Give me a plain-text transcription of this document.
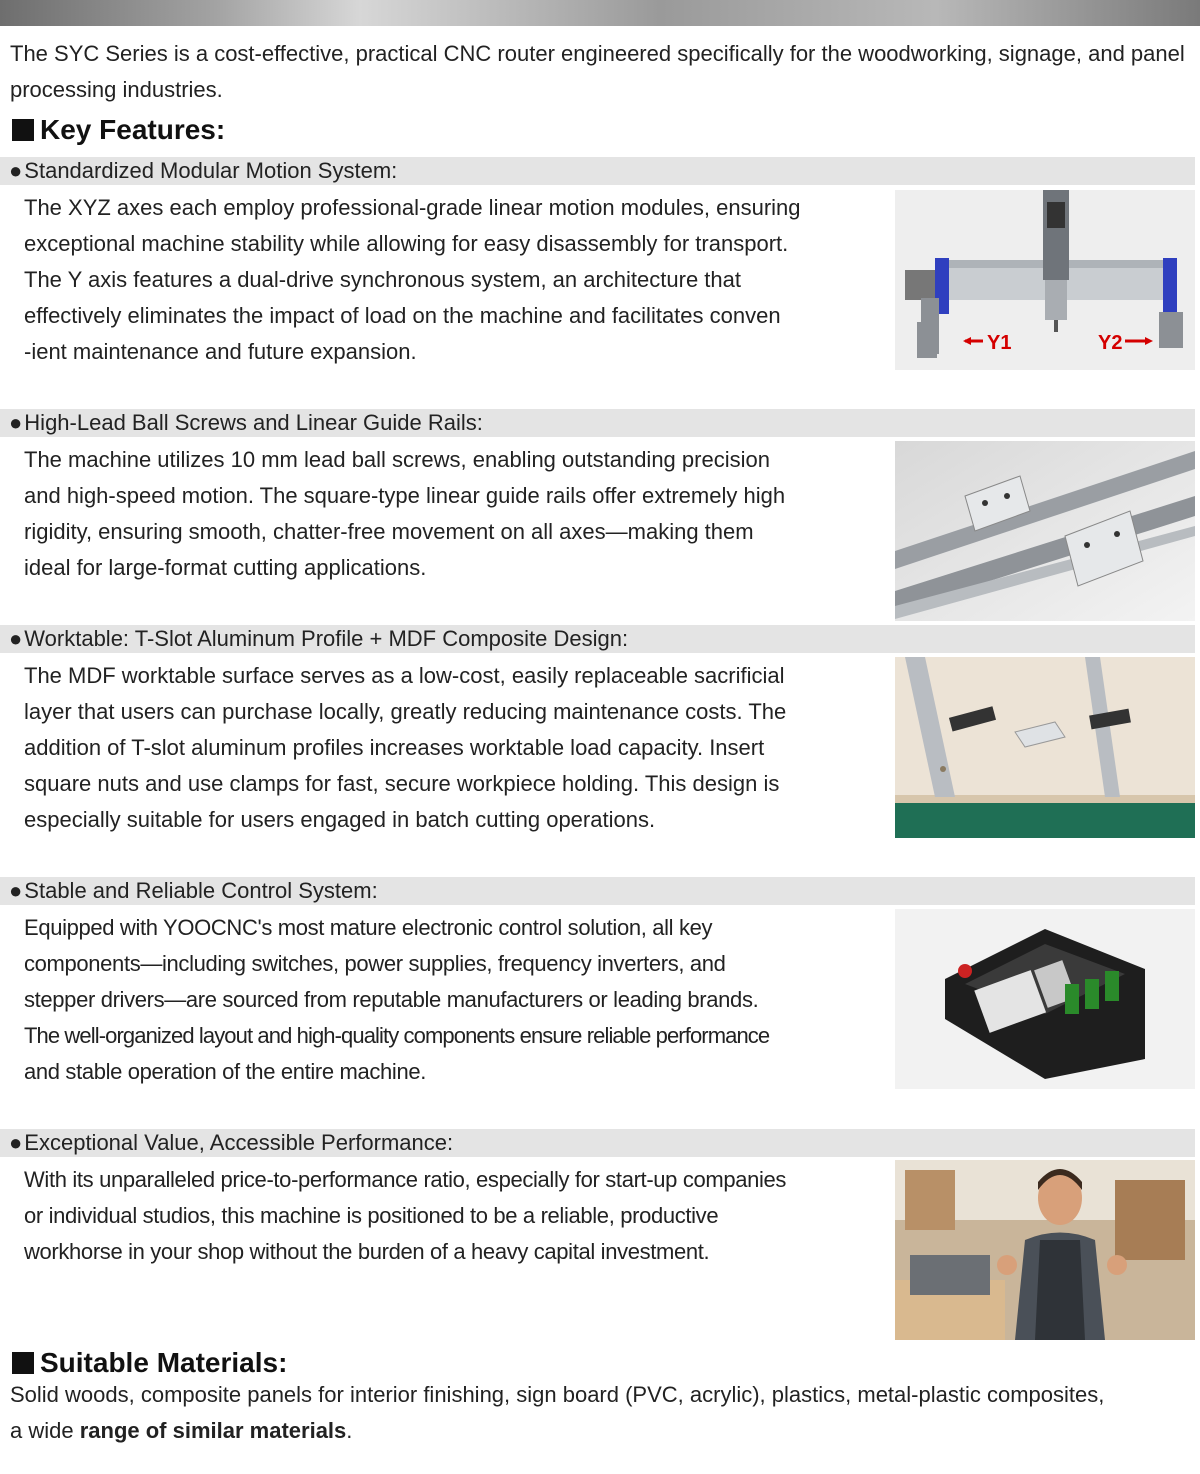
The SYC Series is a cost-effective, practical CNC router engineered specifically for the woodworking, signage, and panel processing industries.

Key Features:
●Standardized Modular Motion System:

The XYZ axes each employ professional-grade linear motion modules, ensuring
exceptional machine stability while allowing for easy disassembly for transport.
The Y axis features a dual-drive synchronous system, an architecture that
effectively eliminates the impact of load on the machine and facilitates conven
-ient maintenance and future expansion.	Y1	Y2
●High-Lead Ball Screws and Linear Guide Rails:

The machine utilizes 10 mm lead ball screws, enabling outstanding precision
and high-speed motion. The square-type linear guide rails offer extremely high
rigidity, ensuring smooth, chatter-free movement on all axes—making them
ideal for large-format cutting applications.

●Worktable: T-Slot Aluminum Profile + MDF Composite Design:

The MDF worktable surface serves as a low-cost, easily replaceable sacrificial
layer that users can purchase locally, greatly reducing maintenance costs. The
addition of T-slot aluminum profiles increases worktable load capacity. Insert
square nuts and use clamps for fast, secure workpiece holding. This design is
especially suitable for users engaged in batch cutting operations.

●Stable and Reliable Control System:

Equipped with YOOCNC's most mature electronic control solution, all key
components—including switches, power supplies, frequency inverters, and
stepper drivers—are sourced from reputable manufacturers or leading brands.
The well-organized layout and high-quality components ensure reliable performance
and stable operation of the entire machine.

●Exceptional Value, Accessible Performance:

With its unparalleled price-to-performance ratio, especially for start-up companies
or individual studios, this machine is positioned to be a reliable, productive
workhorse in your shop without the burden of a heavy capital investment.

Suitable Materials:

Solid woods, composite panels for interior finishing, sign board (PVC, acrylic), plastics, metal-plastic composites,
a wide range of similar materials.
